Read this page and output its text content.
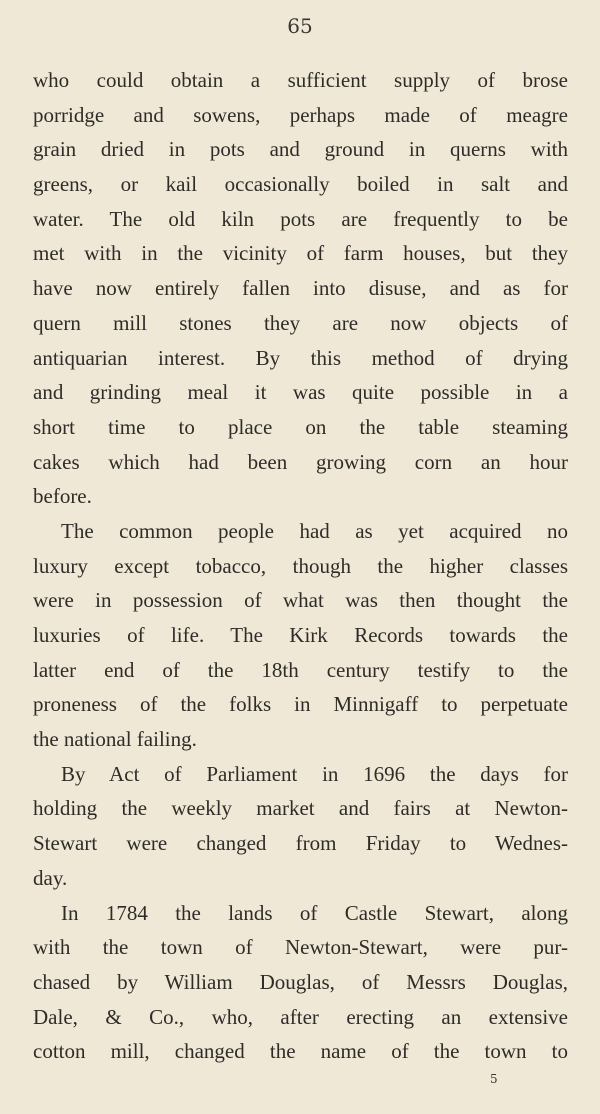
65
who could obtain a sufficient supply of brose
porridge and sowens, perhaps made of meagre
grain dried in pots and ground in querns with
greens, or kail occasionally boiled in salt and
water. The old kiln pots are frequently to be
met with in the vicinity of farm houses, but they
have now entirely fallen into disuse, and as for
quern mill stones they are now objects of
antiquarian interest. By this method of drying
and grinding meal it was quite possible in a
short time to place on the table steaming
cakes which had been growing corn an hour
before.
The common people had as yet acquired no
luxury except tobacco, though the higher classes
were in possession of what was then thought the
luxuries of life. The Kirk Records towards the
latter end of the 18th century testify to the
proneness of the folks in Minnigaff to perpetuate
the national failing.
By Act of Parliament in 1696 the days for
holding the weekly market and fairs at Newton-
Stewart were changed from Friday to Wednes-
day.
In 1784 the lands of Castle Stewart, along
with the town of Newton-Stewart, were pur-
chased by William Douglas, of Messrs Douglas,
Dale, & Co., who, after erecting an extensive
cotton mill, changed the name of the town to
5
